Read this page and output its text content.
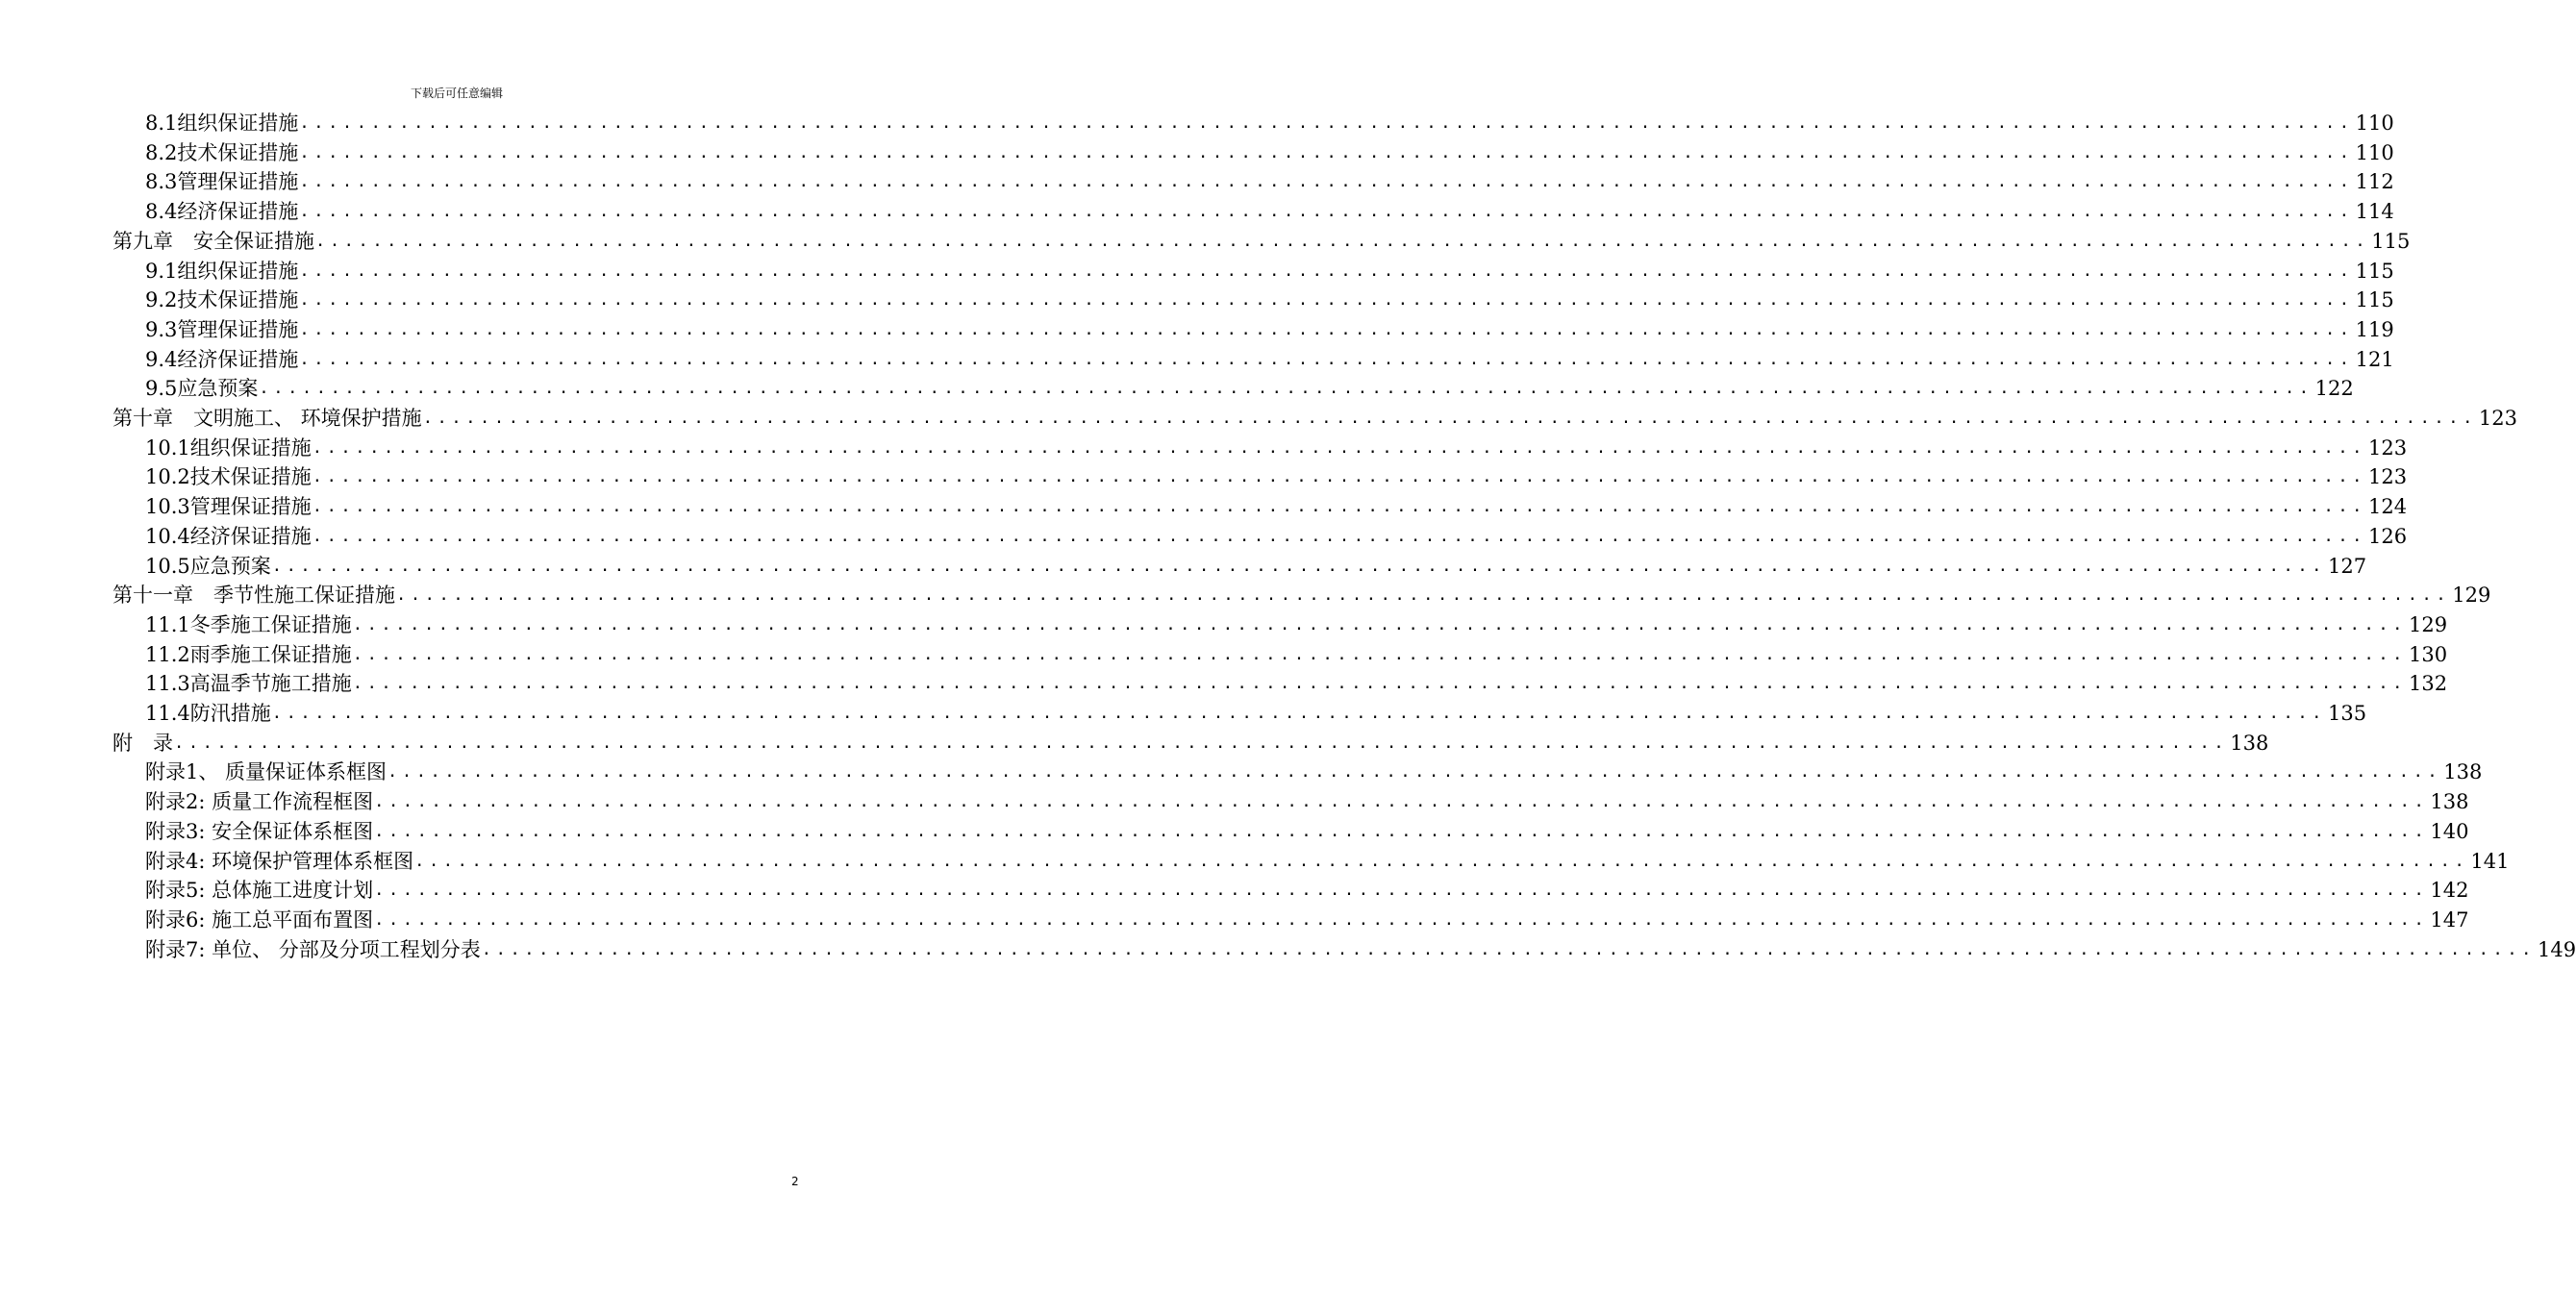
下载后可任意编辑
8.1组织保证措施 ................................................................................................................................................ 110
8.2技术保证措施 ................................................................................................................................................ 110
8.3管理保证措施 ................................................................................................................................................ 112
8.4经济保证措施 ................................................................................................................................................ 114
第九章　安全保证措施 ................................................................................................................................................ 115
9.1组织保证措施 ................................................................................................................................................ 115
9.2技术保证措施 ................................................................................................................................................ 115
9.3管理保证措施 ................................................................................................................................................ 119
9.4经济保证措施 ................................................................................................................................................ 121
9.5应急预案 ................................................................................................................................................ 122
第十章　文明施工、 环境保护措施 ................................................................................................................................................ 123
10.1组织保证措施 ................................................................................................................................................ 123
10.2技术保证措施 ................................................................................................................................................ 123
10.3管理保证措施 ................................................................................................................................................ 124
10.4经济保证措施 ................................................................................................................................................ 126
10.5应急预案 ................................................................................................................................................ 127
第十一章　季节性施工保证措施 ................................................................................................................................................ 129
11.1冬季施工保证措施 ................................................................................................................................................ 129
11.2雨季施工保证措施 ................................................................................................................................................ 130
11.3高温季节施工措施 ................................................................................................................................................ 132
11.4防汛措施 ................................................................................................................................................ 135
附　录 ................................................................................................................................................ 138
附录1、 质量保证体系框图 ................................................................................................................................................ 138
附录2: 质量工作流程框图 ................................................................................................................................................ 138
附录3: 安全保证体系框图 ................................................................................................................................................ 140
附录4: 环境保护管理体系框图 ................................................................................................................................................ 141
附录5: 总体施工进度计划 ................................................................................................................................................ 142
附录6: 施工总平面布置图 ................................................................................................................................................ 147
附录7: 单位、 分部及分项工程划分表 ................................................................................................................................................ 149
2
